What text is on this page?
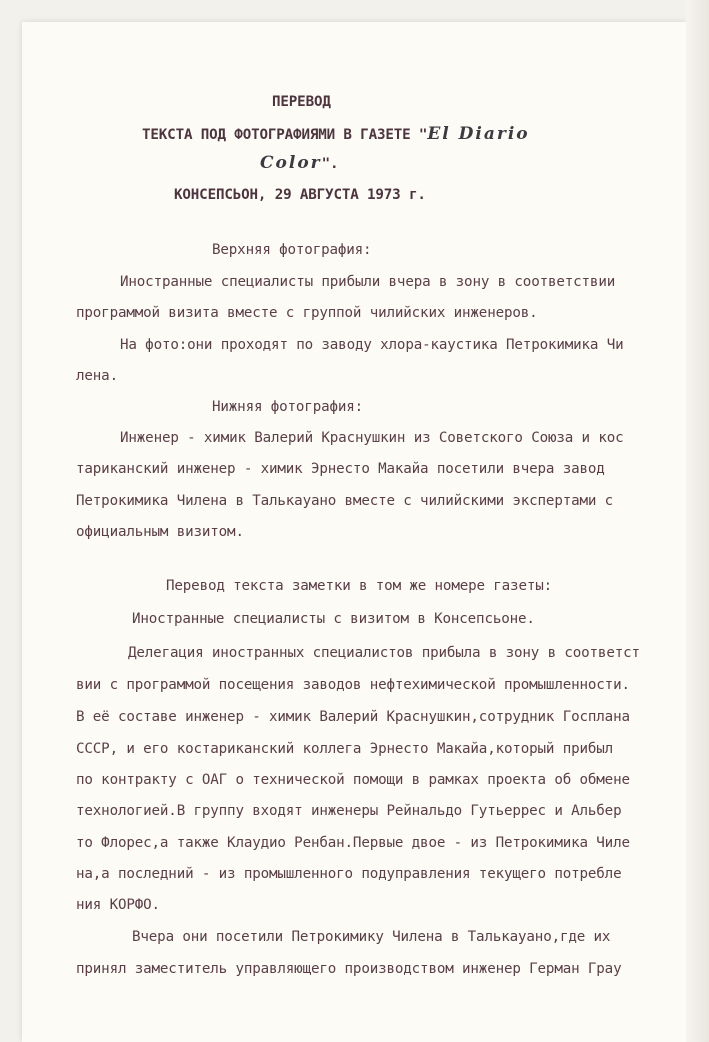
ПЕРЕВОД
ТЕКСТА ПОД ФОТОГРАФИЯМИ В ГАЗЕТЕ "El Diario
Color".
КОНСЕПСЬОН, 29 АВГУСТА 1973 г.
Верхняя фотография:
Иностранные специалисты прибыли вчера в зону в соответствии
программой визита вместе с группой чилийских инженеров.
На фото:они проходят по заводу хлора-каустика Петрокимика Чи
лена.
Нижняя фотография:
Инженер - химик Валерий Краснушкин из Советского Союза и кос
тариканский инженер - химик Эрнесто Макайа посетили вчера завод
Петрокимика Чилена в Талькауано вместе с чилийскими экспертами с
официальным визитом.
Перевод текста заметки в том же номере газеты:
Иностранные специалисты с визитом в Консепсьоне.
Делегация иностранных специалистов прибыла в зону в соответст
вии с программой посещения заводов нефтехимической промышленности.
В её составе инженер - химик Валерий Краснушкин,сотрудник Госплана
СССР, и его костариканский коллега Эрнесто Макайа,который прибыл
по контракту с ОАГ о технической помощи в рамках проекта об обмене
технологией.В группу входят инженеры Рейнальдо Гутьеррес и Альбер
то Флорес,а также Клаудио Ренбан.Первые двое - из Петрокимика Чиле
на,а последний - из промышленного подуправления текущего потребле
ния КОРФО.
Вчера они посетили Петрокимику Чилена в Талькауано,где их
принял заместитель управляющего производством инженер Герман Грау
